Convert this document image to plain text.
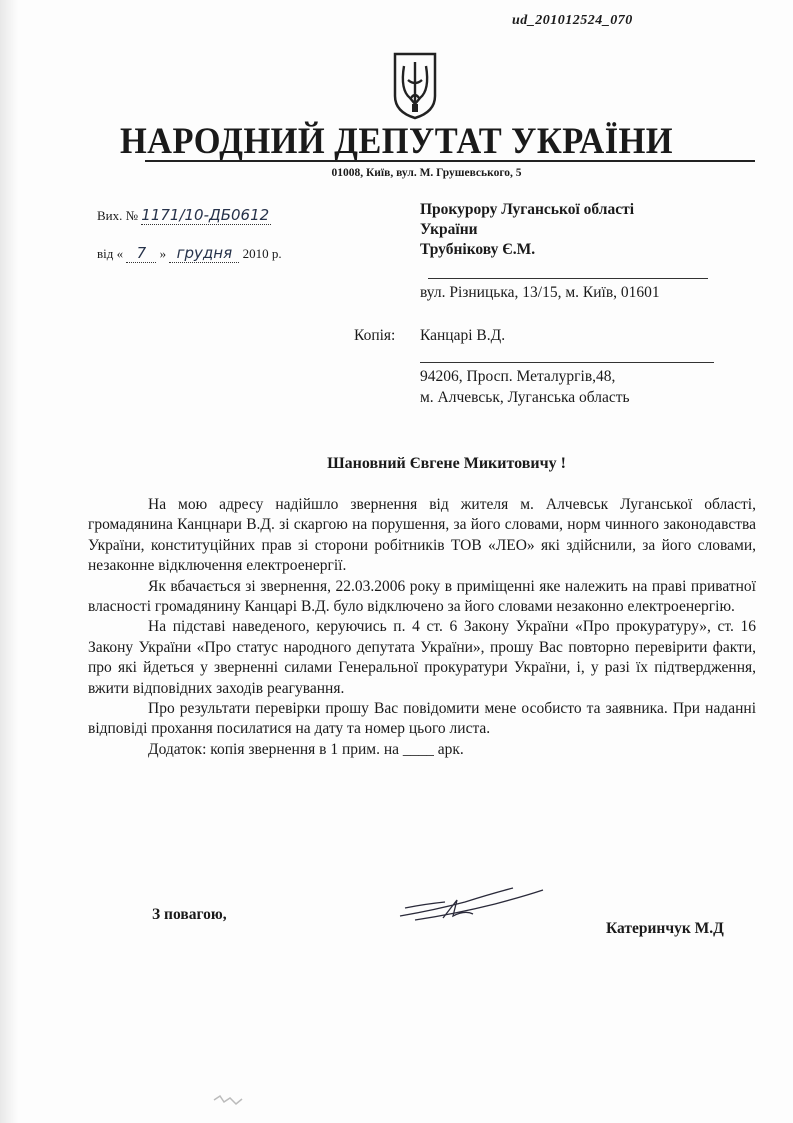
ud_201012524_070
НАРОДНИЙ ДЕПУТАТ УКРАЇНИ
01008, Київ, вул. М. Грушевського, 5
Вих. № 1171/10-ДБ0612
від « 7 » грудня 2010 р.
Прокурору Луганської області
України
Трубнікову Є.М.
вул. Різницька, 13/15, м. Київ, 01601
Копія: Канцарі В.Д.
94206, Просп. Металургів,48,
м. Алчевськ, Луганська область
Шановний Євгене Микитовичу !

На мою адресу надійшло звернення від жителя м. Алчевськ Луганської області, громадянина Канцнари В.Д. зі скаргою на порушення, за його словами, норм чинного законодавства України, конституційних прав зі сторони робітників ТОВ «ЛЕО» які здійснили, за його словами, незаконне відключення електроенергії.

Як вбачається зі звернення, 22.03.2006 року в приміщенні яке належить на праві приватної власності громадянину Канцарі В.Д. було відключено за його словами незаконно електроенергію.

На підставі наведеного, керуючись п. 4 ст. 6 Закону України «Про прокуратуру», ст. 16 Закону України «Про статус народного депутата України», прошу Вас повторно перевірити факти, про які йдеться у зверненні силами Генеральної прокуратури України, і, у разі їх підтвердження, вжити відповідних заходів реагування.

Про результати перевірки прошу Вас повідомити мене особисто та заявника. При наданні відповіді прохання посилатися на дату та номер цього листа.

Додаток: копія звернення в 1 прим. на ____ арк.

З повагою,
Катеринчук М.Д
